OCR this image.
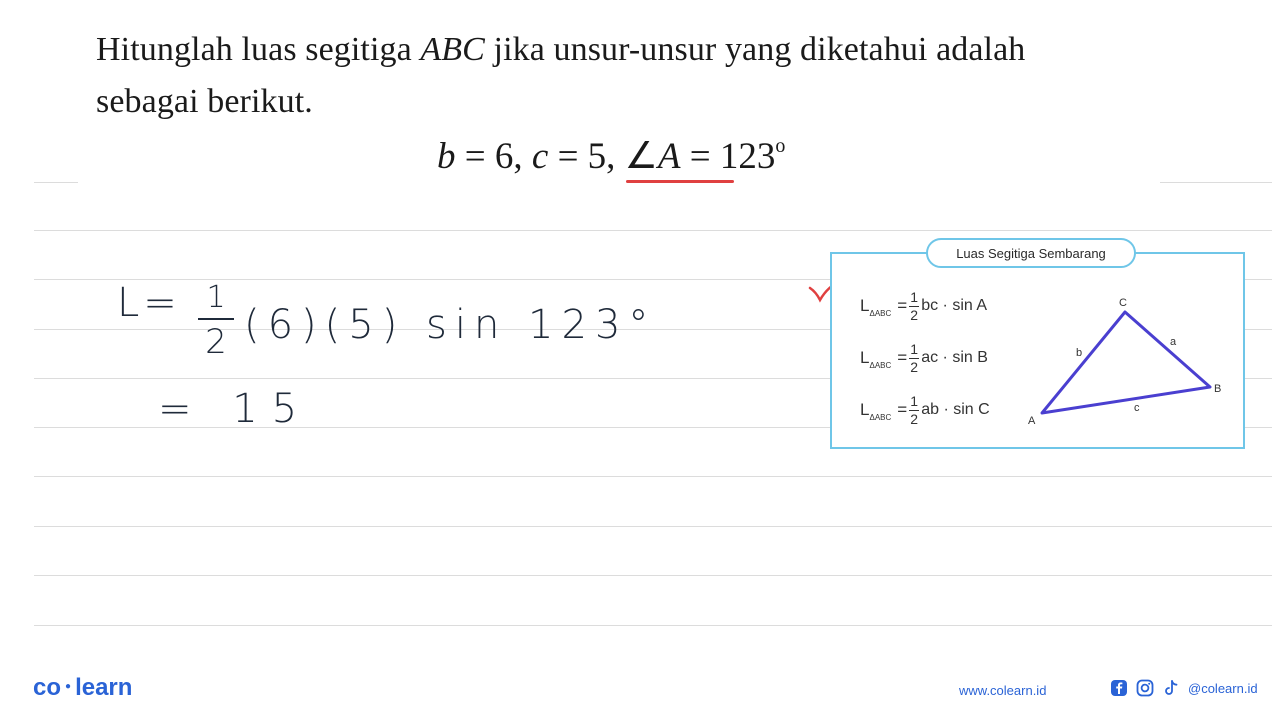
Hitunglah luas segitiga ABC jika unsur-unsur yang diketahui adalah
sebagai berikut.
b = 6, c = 5, ∠A = $123^o$
L= 1
2 (6)(5) sin 123°
= 15
Luas Segitiga Sembarang
L ΔABC = 1
2
bc · sin A
L ΔABC = 1
2
ac · sin B
L ΔABC = 1
2
ab · sin C
A
B
C
a
b
c
co ● learn	www.colearn.id	@colearn.id
